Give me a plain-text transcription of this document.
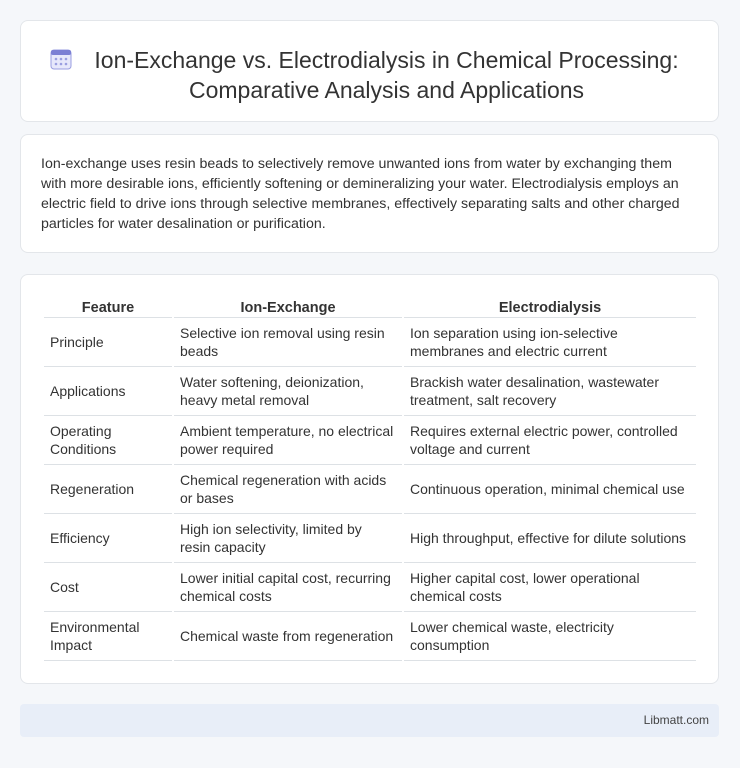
Ion-Exchange vs. Electrodialysis in Chemical Processing: Comparative Analysis and Applications

Ion-exchange uses resin beads to selectively remove unwanted ions from water by exchanging them with more desirable ions, efficiently softening or demineralizing your water. Electrodialysis employs an electric field to drive ions through selective membranes, effectively separating salts and other charged particles for water desalination or purification.

Feature	Ion-Exchange	Electrodialysis
Principle	Selective ion removal using resin beads	Ion separation using ion-selective membranes and electric current
Applications	Water softening, deionization, heavy metal removal	Brackish water desalination, wastewater treatment, salt recovery
Operating Conditions	Ambient temperature, no electrical power required	Requires external electric power, controlled voltage and current
Regeneration	Chemical regeneration with acids or bases	Continuous operation, minimal chemical use
Efficiency	High ion selectivity, limited by resin capacity	High throughput, effective for dilute solutions
Cost	Lower initial capital cost, recurring chemical costs	Higher capital cost, lower operational chemical costs
Environmental Impact	Chemical waste from regeneration	Lower chemical waste, electricity consumption
Libmatt.com
